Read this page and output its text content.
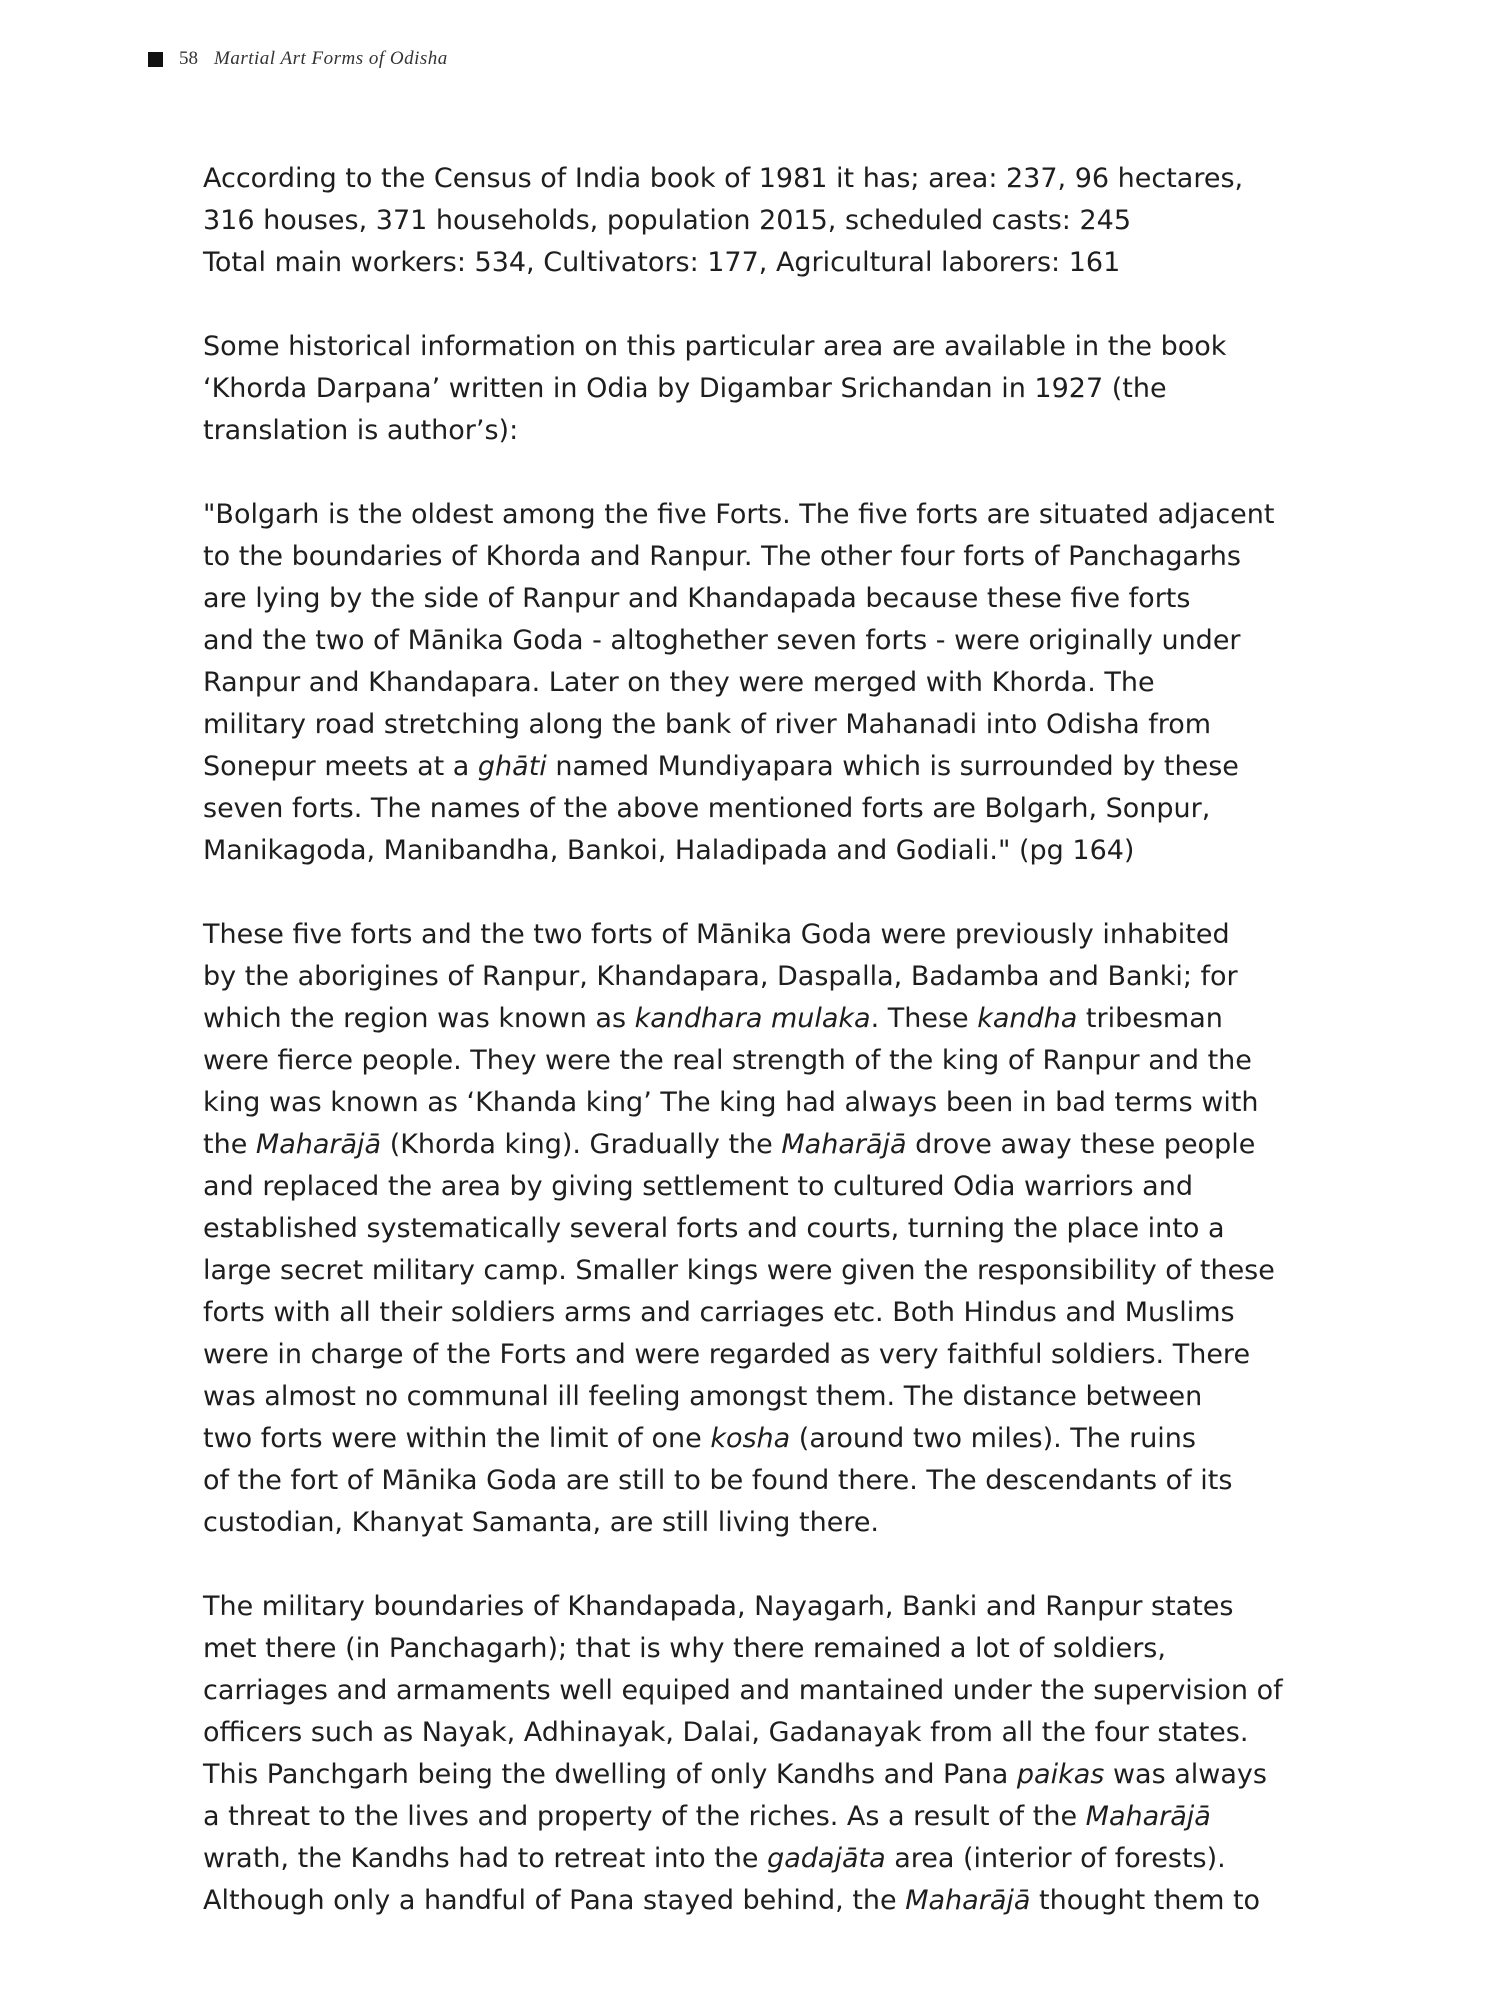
58 Martial Art Forms of Odisha

According to the Census of India book of 1981 it has; area: 237, 96 hectares,
316 houses, 371 households, population 2015, scheduled casts: 245
Total main workers: 534, Cultivators: 177, Agricultural laborers: 161

Some historical information on this particular area are available in the book
‘Khorda Darpana’ written in Odia by Digambar Srichandan in 1927 (the
translation is author’s):

"Bolgarh is the oldest among the five Forts. The five forts are situated adjacent
to the boundaries of Khorda and Ranpur. The other four forts of Panchagarhs
are lying by the side of Ranpur and Khandapada because these five forts
and the two of Mānika Goda - altoghether seven forts - were originally under
Ranpur and Khandapara. Later on they were merged with Khorda. The
military road stretching along the bank of river Mahanadi into Odisha from
Sonepur meets at a ghāti named Mundiyapara which is surrounded by these
seven forts. The names of the above mentioned forts are Bolgarh, Sonpur,
Manikagoda, Manibandha, Bankoi, Haladipada and Godiali." (pg 164)

These five forts and the two forts of Mānika Goda were previously inhabited
by the aborigines of Ranpur, Khandapara, Daspalla, Badamba and Banki; for
which the region was known as kandhara mulaka. These kandha tribesman
were fierce people. They were the real strength of the king of Ranpur and the
king was known as ‘Khanda king’ The king had always been in bad terms with
the Maharājā (Khorda king). Gradually the Maharājā drove away these people
and replaced the area by giving settlement to cultured Odia warriors and
established systematically several forts and courts, turning the place into a
large secret military camp. Smaller kings were given the responsibility of these
forts with all their soldiers arms and carriages etc. Both Hindus and Muslims
were in charge of the Forts and were regarded as very faithful soldiers. There
was almost no communal ill feeling amongst them. The distance between
two forts were within the limit of one kosha (around two miles). The ruins
of the fort of Mānika Goda are still to be found there. The descendants of its
custodian, Khanyat Samanta, are still living there.

The military boundaries of Khandapada, Nayagarh, Banki and Ranpur states
met there (in Panchagarh); that is why there remained a lot of soldiers,
carriages and armaments well equiped and mantained under the supervision of
officers such as Nayak, Adhinayak, Dalai, Gadanayak from all the four states.
This Panchgarh being the dwelling of only Kandhs and Pana paikas was always
a threat to the lives and property of the riches. As a result of the Maharājā
wrath, the Kandhs had to retreat into the gadajāta area (interior of forests).
Although only a handful of Pana stayed behind, the Maharājā thought them to
